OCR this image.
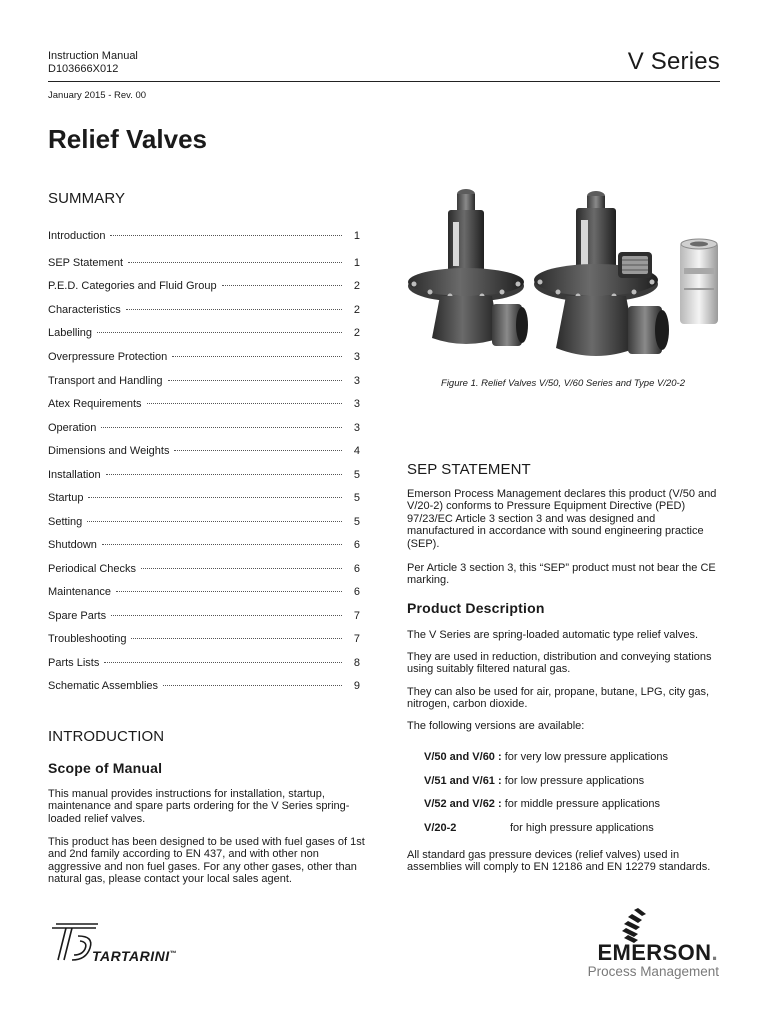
Instruction Manual
D103666X012	V Series
January 2015 - Rev. 00
Relief Valves
SUMMARY
Introduction	1
SEP Statement	1
P.E.D. Categories and Fluid Group	2
Characteristics	2
Labelling	2
Overpressure Protection	3
Transport and Handling	3
Atex Requirements	3
Operation	3
Dimensions and Weights	4
Installation	5
Startup	5
Setting	5
Shutdown	6
Periodical Checks	6
Maintenance	6
Spare Parts	7
Troubleshooting	7
Parts Lists	8
Schematic Assemblies	9
INTRODUCTION
Scope of Manual

This manual provides instructions for installation, startup, maintenance and spare parts ordering for the V Series spring-loaded relief valves.

This product has been designed to be used with fuel gases of 1st and 2nd family according to EN 437, and with other non aggressive and non fuel gases. For any other gases, other than natural gas, please contact your local sales agent.

Figure 1. Relief Valves V/50, V/60 Series and Type V/20-2
SEP STATEMENT

Emerson Process Management declares this product (V/50 and V/20-2) conforms to Pressure Equipment Directive (PED) 97/23/EC Article 3 section 3 and was designed and manufactured in accordance with sound engineering practice (SEP).

Per Article 3 section 3, this “SEP” product must not bear the CE marking.

Product Description

The V Series are spring-loaded automatic type relief valves.

They are used in reduction, distribution and conveying stations using suitably filtered natural gas.

They can also be used for air, propane, butane, LPG, city gas, nitrogen, carbon dioxide.

The following versions are available:

V/50 and V/60 : for very low pressure applications
V/51 and V/61 : for low pressure applications
V/52 and V/62 : for middle pressure applications
V/20-2	for high pressure applications

All standard gas pressure devices (relief valves) used in assemblies will comply to EN 12186 and EN 12279 standards.

TARTARINI™	EMERSON.
Process Management
